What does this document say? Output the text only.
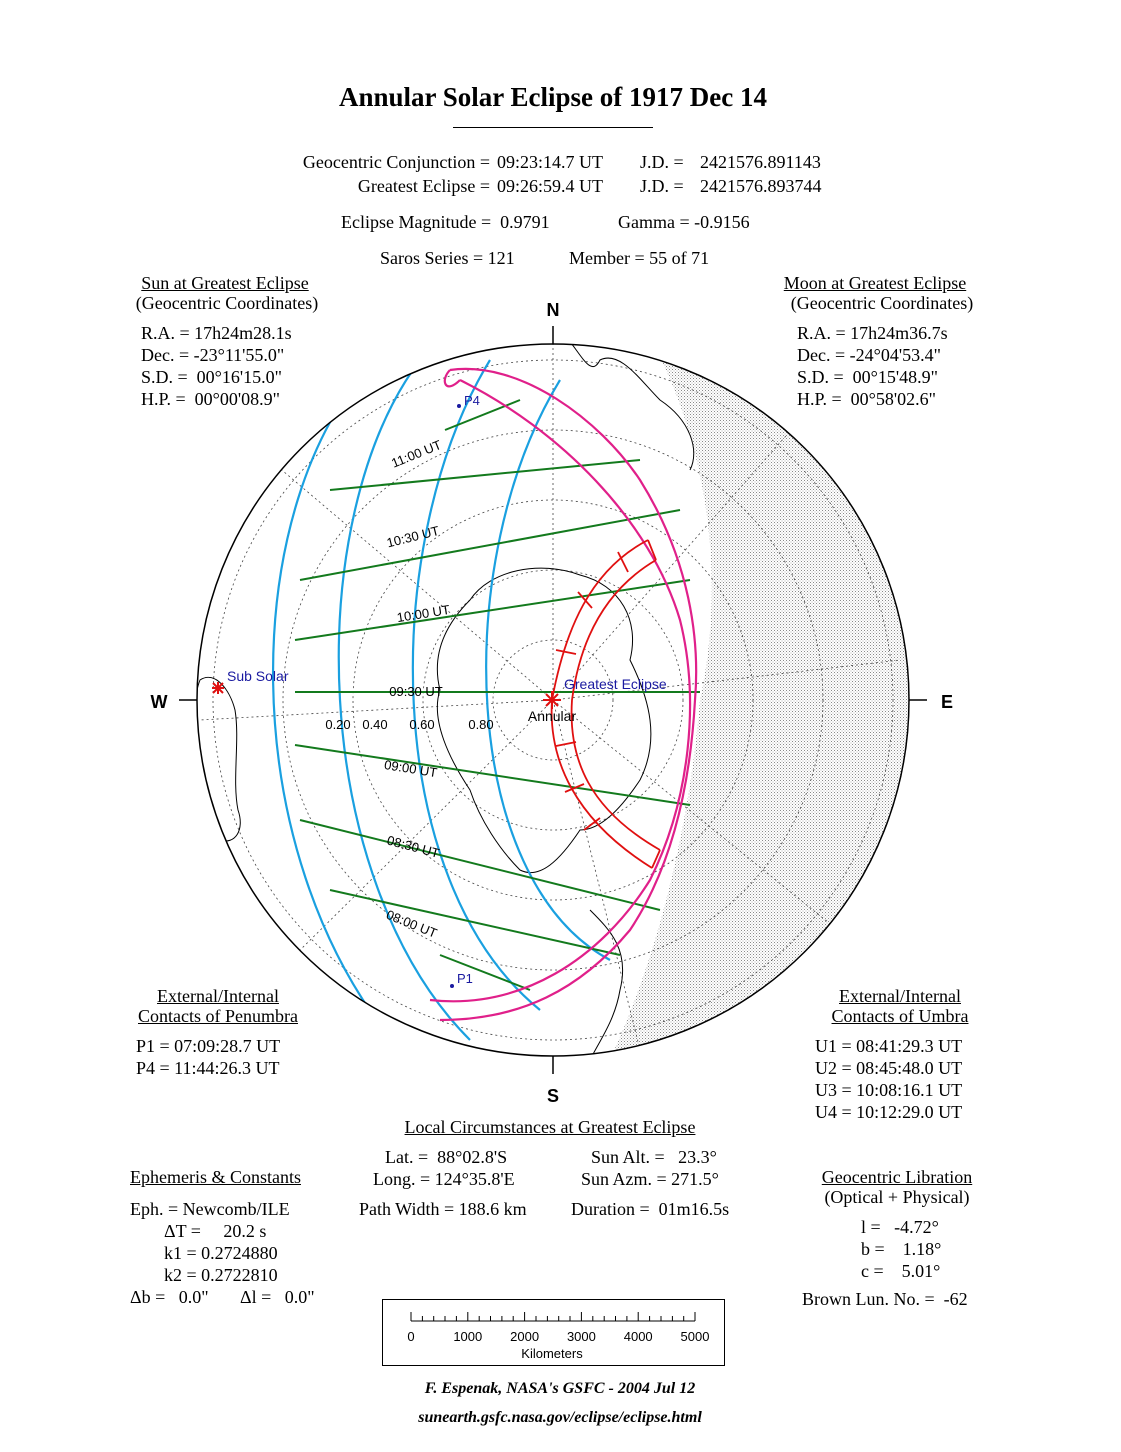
Annular Solar Eclipse of 1917 Dec 14
Geocentric Conjunction = 09:23:14.7 UT J.D. = 2421576.891143
Greatest Eclipse = 09:26:59.4 UT J.D. = 2421576.893744
Eclipse Magnitude =  0.9791	Gamma = -0.9156
Saros Series = 121	Member = 55 of 71
Sun at Greatest Eclipse
(Geocentric Coordinates)
R.A. = 17h24m28.1s
Dec. = -23°11'55.0"
S.D. =  00°16'15.0"
H.P. =  00°00'08.9"
Moon at Greatest Eclipse
(Geocentric Coordinates)
R.A. = 17h24m36.7s
Dec. = -24°04'53.4"
S.D. =  00°15'48.9"
H.P. =  00°58'02.6"
N
S
W	E
Sub Solar	Greatest Eclipse
Annular
P4
P1
11:00 UT
10:30 UT
10:00 UT
09:30 UT
09:00 UT
08:30 UT
08:00 UT
0.20 0.40 0.60	0.80
External/Internal
Contacts of Penumbra
P1 = 07:09:28.7 UT
P4 = 11:44:26.3 UT
External/Internal
Contacts of Umbra
U1 = 08:41:29.3 UT
U2 = 08:45:48.0 UT
U3 = 10:08:16.1 UT
U4 = 10:12:29.0 UT
Local Circumstances at Greatest Eclipse
Lat. =  88°02.8'S
Long. = 124°35.8'E
Sun Alt. =   23.3°
Sun Azm. = 271.5°
Path Width = 188.6 km Duration =  01m16.5s
Ephemeris & Constants
Eph. = Newcomb/ILE
ΔT =     20.2 s
k1 = 0.2724880
k2 = 0.2722810
Δb =   0.0" Δl =   0.0"
Geocentric Libration
(Optical + Physical)
l =   -4.72°
b =    1.18°
c =    5.01°
Brown Lun. No. =  -62
0	1000 2000 3000 4000 5000
Kilometers
F. Espenak, NASA's GSFC - 2004 Jul 12
sunearth.gsfc.nasa.gov/eclipse/eclipse.html
